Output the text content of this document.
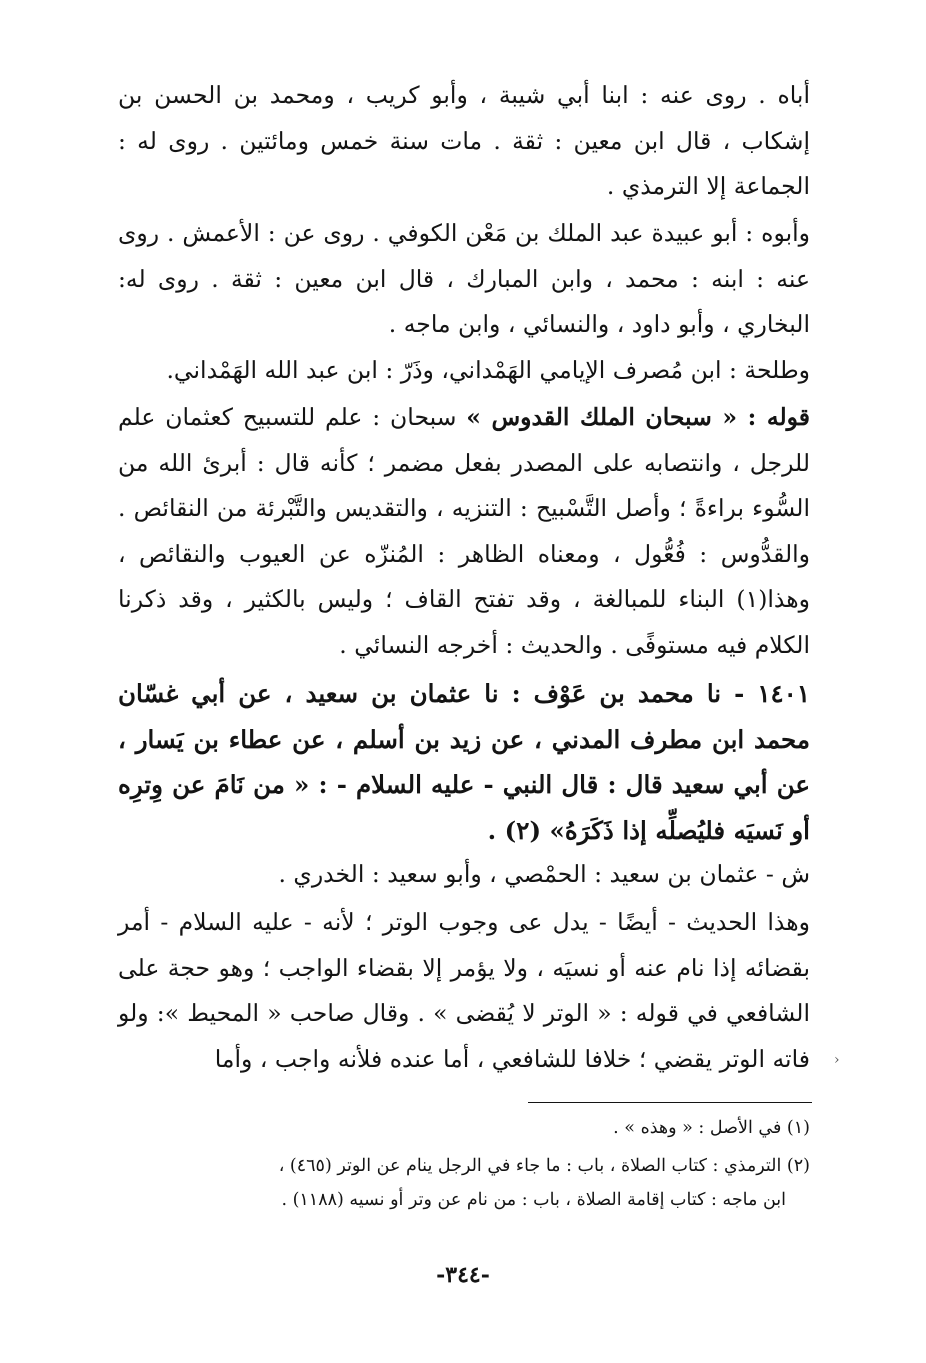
أباه . روى عنه : ابنا أبي شيبة ، وأبو كريب ، ومحمد بن الحسن بن إشكاب ، قال ابن معين : ثقة . مات سنة خمس ومائتين . روى له : الجماعة إلا الترمذي .

وأبوه : أبو عبيدة عبد الملك بن مَعْن الكوفي . روى عن : الأعمش . روى عنه : ابنه : محمد ، وابن المبارك ، قال ابن معين : ثقة . روى له: البخاري ، وأبو داود ، والنسائي ، وابن ماجه .

وطلحة : ابن مُصرف الإيامي الهَمْداني، وذَرّ : ابن عبد الله الهَمْداني.

قوله : « سبحان الملك القدوس » سبحان : علم للتسبيح كعثمان علم للرجل ، وانتصابه على المصدر بفعل مضمر ؛ كأنه قال : أبرئ الله من السُّوء براءةً ؛ وأصل التَّسْبيح : التنزيه ، والتقديس والتَّبْرئة من النقائص . والقدُّوس : فُعُّول ، ومعناه الظاهر : المُنزّه عن العيوب والنقائص ، وهذا(١) البناء للمبالغة ، وقد تفتح القاف ؛ وليس بالكثير ، وقد ذكرنا الكلام فيه مستوفًى . والحديث : أخرجه النسائي .

١٤٠١ - نا محمد بن عَوْف : نا عثمان بن سعيد ، عن أبي غسّان محمد ابن مطرف المدني ، عن زيد بن أسلم ، عن عطاء بن يَسار ، عن أبي سعيد قال : قال النبي - عليه السلام - : « من نَامَ عن وِترِه أو نَسيَه فليُصلِّه إذا ذَكَرَهُ» (٢) .

ش - عثمان بن سعيد : الحمْصي ، وأبو سعيد : الخدري .

وهذا الحديث - أيضًا - يدل عى وجوب الوتر ؛ لأنه - عليه السلام - أمر بقضائه إذا نام عنه أو نسيَه ، ولا يؤمر إلا بقضاء الواجب ؛ وهو حجة على الشافعي في قوله : « الوتر لا يُقضى » . وقال صاحب « المحيط »: ولو فاته الوتر يقضي ؛ خلافا للشافعي ، أما عنده فلأنه واجب ، وأما

(١) في الأصل : « وهذه » .

(٢) الترمذي : كتاب الصلاة ، باب : ما جاء في الرجل ينام عن الوتر (٤٦٥) ،

ابن ماجه : كتاب إقامة الصلاة ، باب : من نام عن وتر أو نسيه (١١٨٨) .

-٣٤٤-
‹
